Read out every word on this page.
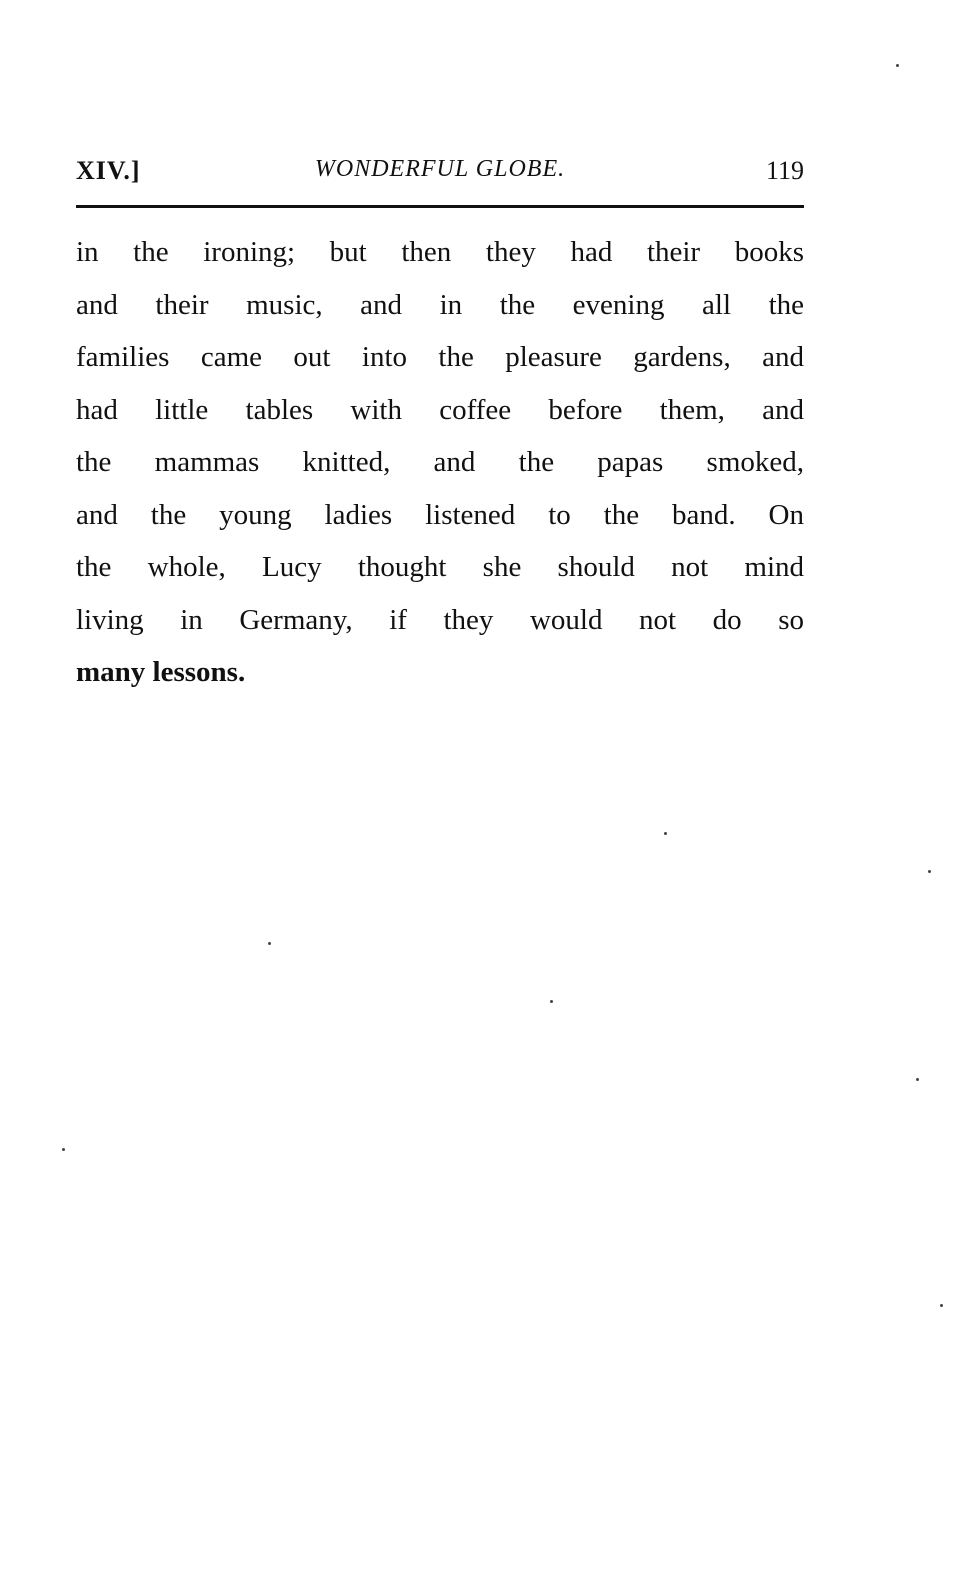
XIV.]	WONDERFUL GLOBE.	119
in the ironing; but then they had their books
and their music, and in the evening all the
families came out into the pleasure gardens, and
had little tables with coffee before them, and
the mammas knitted, and the papas smoked,
and the young ladies listened to the band. On
the whole, Lucy thought she should not mind
living in Germany, if they would not do so
many lessons.
